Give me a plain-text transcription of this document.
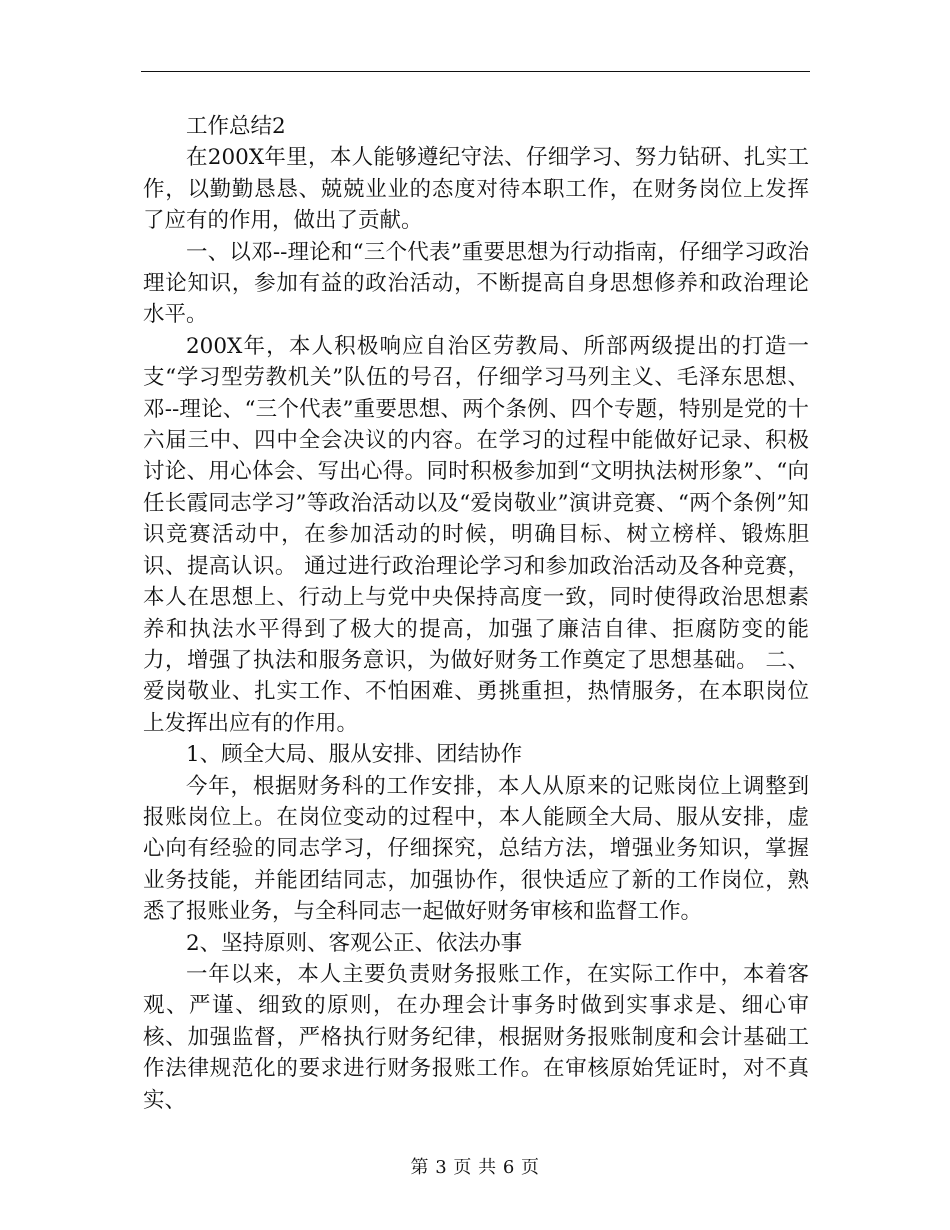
工作总结2

在200X年里，本人能够遵纪守法、仔细学习、努力钻研、扎实工作，以勤勤恳恳、兢兢业业的态度对待本职工作，在财务岗位上发挥了应有的作用，做出了贡献。

一、以邓--理论和“三个代表”重要思想为行动指南，仔细学习政治理论知识，参加有益的政治活动，不断提高自身思想修养和政治理论水平。

200X年，本人积极响应自治区劳教局、所部两级提出的打造一支“学习型劳教机关”队伍的号召，仔细学习马列主义、毛泽东思想、邓--理论、“三个代表”重要思想、两个条例、四个专题，特别是党的十六届三中、四中全会决议的内容。在学习的过程中能做好记录、积极讨论、用心体会、写出心得。同时积极参加到“文明执法树形象”、“向任长霞同志学习”等政治活动以及“爱岗敬业”演讲竞赛、“两个条例”知识竞赛活动中，在参加活动的时候，明确目标、树立榜样、锻炼胆识、提高认识。 通过进行政治理论学习和参加政治活动及各种竞赛，本人在思想上、行动上与党中央保持高度一致，同时使得政治思想素养和执法水平得到了极大的提高，加强了廉洁自律、拒腐防变的能力，增强了执法和服务意识，为做好财务工作奠定了思想基础。 二、爱岗敬业、扎实工作、不怕困难、勇挑重担，热情服务，在本职岗位上发挥出应有的作用。

1、顾全大局、服从安排、团结协作

今年，根据财务科的工作安排，本人从原来的记账岗位上调整到报账岗位上。在岗位变动的过程中，本人能顾全大局、服从安排，虚心向有经验的同志学习，仔细探究，总结方法，增强业务知识，掌握业务技能，并能团结同志，加强协作，很快适应了新的工作岗位，熟悉了报账业务，与全科同志一起做好财务审核和监督工作。

2、坚持原则、客观公正、依法办事

一年以来，本人主要负责财务报账工作，在实际工作中，本着客观、严谨、细致的原则，在办理会计事务时做到实事求是、细心审核、加强监督，严格执行财务纪律，根据财务报账制度和会计基础工作法律规范化的要求进行财务报账工作。在审核原始凭证时，对不真实、

第 3 页 共 6 页
